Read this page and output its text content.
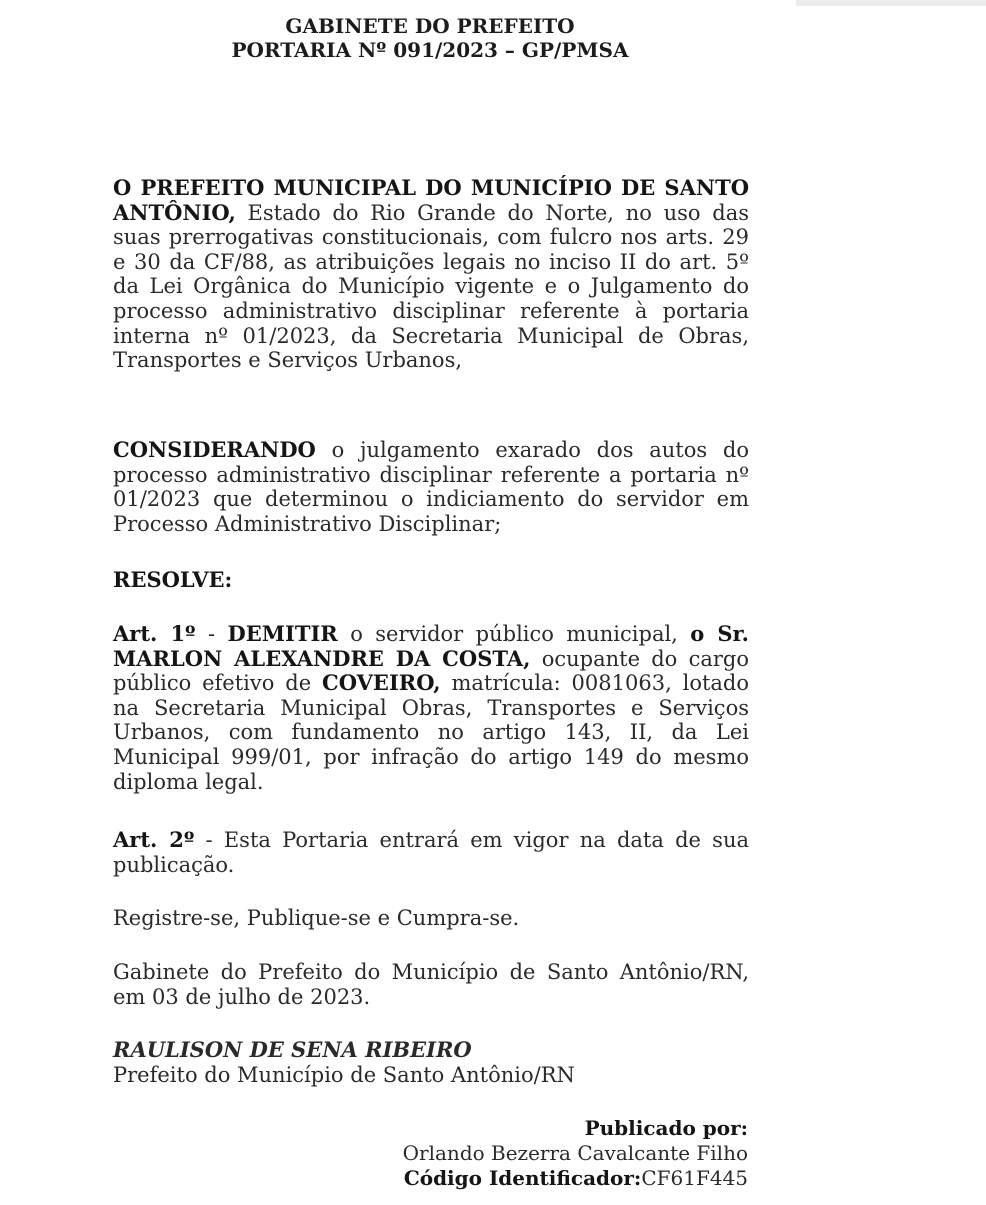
GABINETE DO PREFEITO
PORTARIA Nº 091/2023 – GP/PMSA

O PREFEITO MUNICIPAL DO MUNICÍPIO DE SANTO ANTÔNIO, Estado do Rio Grande do Norte, no uso das suas prerrogativas constitucionais, com fulcro nos arts. 29 e 30 da CF/88, as atribuições legais no inciso II do art. 5º da Lei Orgânica do Município vigente e o Julgamento do processo administrativo disciplinar referente à portaria interna nº 01/2023, da Secretaria Municipal de Obras, Transportes e Serviços Urbanos,

CONSIDERANDO o julgamento exarado dos autos do processo administrativo disciplinar referente a portaria nº 01/2023 que determinou o indiciamento do servidor em Processo Administrativo Disciplinar;

RESOLVE:

Art. 1º - DEMITIR o servidor público municipal, o Sr. MARLON ALEXANDRE DA COSTA, ocupante do cargo público efetivo de COVEIRO, matrícula: 0081063, lotado na Secretaria Municipal Obras, Transportes e Serviços Urbanos, com fundamento no artigo 143, II, da Lei Municipal 999/01, por infração do artigo 149 do mesmo diploma legal.

Art. 2º - Esta Portaria entrará em vigor na data de sua publicação.

Registre-se, Publique-se e Cumpra-se.

Gabinete do Prefeito do Município de Santo Antônio/RN, em 03 de julho de 2023.

RAULISON DE SENA RIBEIRO
Prefeito do Município de Santo Antônio/RN
Publicado por:
Orlando Bezerra Cavalcante Filho
Código Identificador:CF61F445
